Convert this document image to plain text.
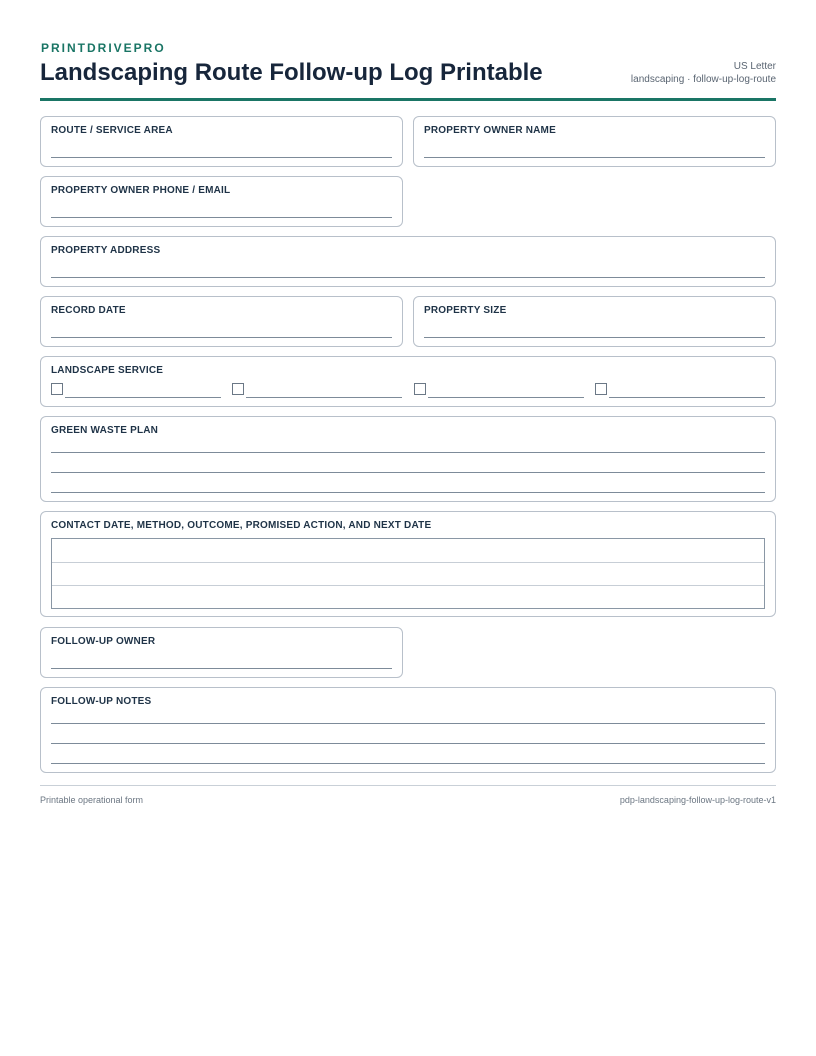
PRINTDRIVEPRO
Landscaping Route Follow-up Log Printable	US Letter
landscaping · follow-up-log-route
ROUTE / SERVICE AREA	PROPERTY OWNER NAME
PROPERTY OWNER PHONE / EMAIL
PROPERTY ADDRESS
RECORD DATE	PROPERTY SIZE
LANDSCAPE SERVICE
GREEN WASTE PLAN
CONTACT DATE, METHOD, OUTCOME, PROMISED ACTION, AND NEXT DATE
FOLLOW-UP OWNER
FOLLOW-UP NOTES
Printable operational form	pdp-landscaping-follow-up-log-route-v1
